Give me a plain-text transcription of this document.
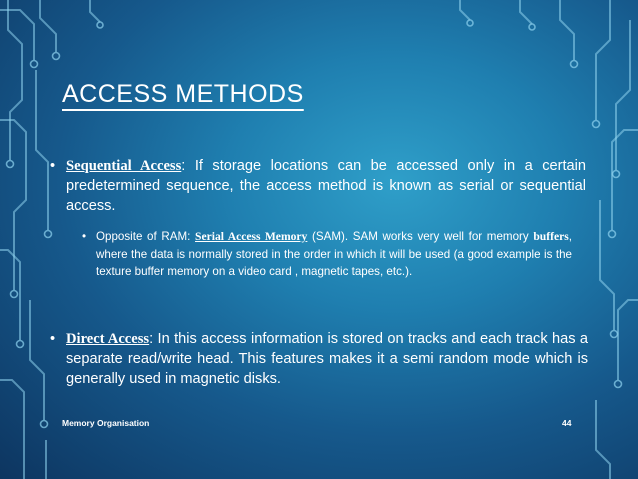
ACCESS METHODS
• Sequential Access: If storage locations can be accessed only in a certain predetermined sequence, the access method is known as serial or sequential access.
• Opposite of RAM: Serial Access Memory (SAM). SAM works very well for memory buffers, where the data is normally stored in the order in which it will be used (a good example is the texture buffer memory on a video card , magnetic tapes, etc.).
• Direct Access: In this access information is stored on tracks and each track has a separate read/write head. This features makes it a semi random mode which is generally used in magnetic disks.
Memory Organisation	44
